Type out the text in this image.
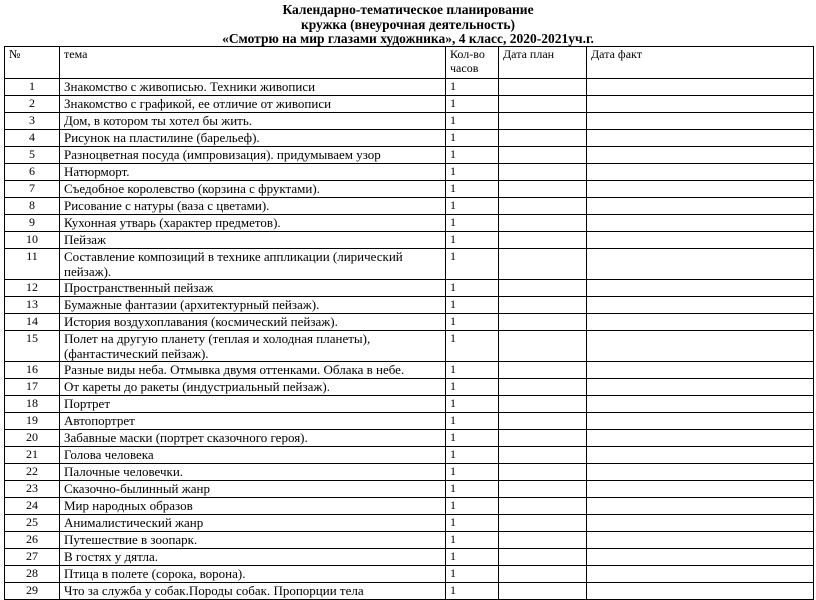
Календарно-тематическое планирование
кружка (внеурочная деятельность)
«Смотрю на мир глазами художника», 4 класс, 2020-2021уч.г.
№	тема	Кол-во часов	Дата план	Дата факт
1	Знакомство с живописью. Техники живописи	1		
2	Знакомство с графикой, ее отличие от живописи	1		
3	Дом, в котором ты хотел бы жить.	1		
4	Рисунок на пластилине (барельеф).	1		
5	Разноцветная посуда (импровизация). придумываем узор	1		
6	Натюрморт.	1		
7	Съедобное королевство (корзина с фруктами).	1		
8	Рисование с натуры (ваза с цветами).	1		
9	Кухонная утварь (характер предметов).	1		
10	Пейзаж	1		
11	Составление композиций в технике аппликации (лирический пейзаж).	1		
12	Пространственный пейзаж	1		
13	Бумажные фантазии (архитектурный пейзаж).	1		
14	История воздухоплавания (космический пейзаж).	1		
15	Полет на другую планету (теплая и холодная планеты), (фантастический пейзаж).	1		
16	Разные виды неба. Отмывка двумя оттенками. Облака в небе.	1		
17	От кареты до ракеты (индустриальный пейзаж).	1		
18	Портрет	1		
19	Автопортрет	1		
20	Забавные маски (портрет сказочного героя).	1		
21	Голова человека	1		
22	Палочные человечки.	1		
23	Сказочно-былинный жанр	1		
24	Мир народных образов	1		
25	Анималистический жанр	1		
26	Путешествие в зоопарк.	1		
27	В гостях у дятла.	1		
28	Птица в полете (сорока, ворона).	1		
29	Что за служба у собак.Породы собак. Пропорции тела	1		
